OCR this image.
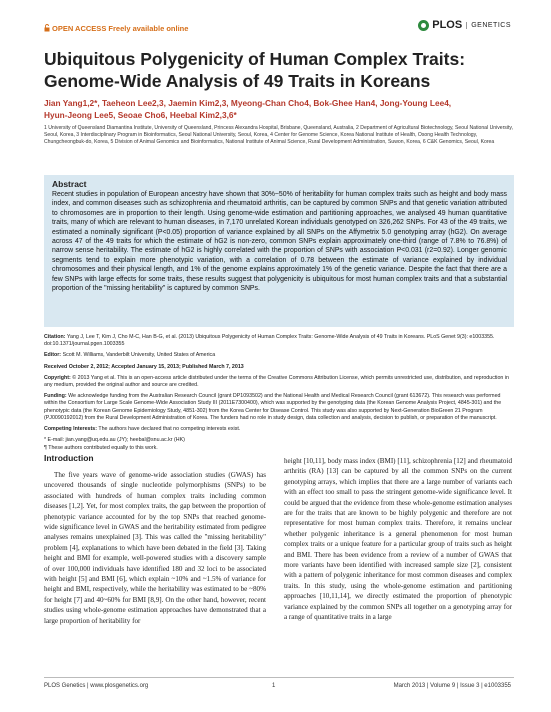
OPEN ACCESS Freely available online	PLOS	GENETICS
Ubiquitous Polygenicity of Human Complex Traits:
Genome-Wide Analysis of 49 Traits in Koreans
Jian Yang1,2*, Taeheon Lee2,3, Jaemin Kim2,3, Myeong-Chan Cho4, Bok-Ghee Han4, Jong-Young Lee4,
Hyun-Jeong Lee5, Seoae Cho6, Heebal Kim2,3,6*
1 University of Queensland Diamantina Institute, University of Queensland, Princess Alexandra Hospital, Brisbane, Queensland, Australia, 2 Department of Agricultural Biotechnology, Seoul National University, Seoul, Korea, 3 Interdisciplinary Program in Bioinformatics, Seoul National University, Seoul, Korea, 4 Center for Genome Science, Korea National Institute of Health, Osong Health Technology, Chungcheongbuk-do, Korea, 5 Division of Animal Genomics and Bioinformatics, National Institute of Animal Science, Rural Development Administration, Suwon, Korea, 6 C&K Genomics, Seoul, Korea
Abstract

Recent studies in population of European ancestry have shown that 30%~50% of heritability for human complex traits such as height and body mass index, and common diseases such as schizophrenia and rheumatoid arthritis, can be captured by common SNPs and that genetic variation attributed to chromosomes are in proportion to their length. Using genome-wide estimation and partitioning approaches, we analysed 49 human quantitative traits, many of which are relevant to human diseases, in 7,170 unrelated Korean individuals genotyped on 326,262 SNPs. For 43 of the 49 traits, we estimated a nominally significant (P<0.05) proportion of variance explained by all SNPs on the Affymetrix 5.0 genotyping array (hG2). On average across 47 of the 49 traits for which the estimate of hG2 is non-zero, common SNPs explain approximately one-third (range of 7.8% to 76.8%) of narrow sense heritability. The estimate of hG2 is highly correlated with the proportion of SNPs with association P<0.031 (r2=0.92). Longer genomic segments tend to explain more phenotypic variation, with a correlation of 0.78 between the estimate of variance explained by individual chromosomes and their physical length, and 1% of the genome explains approximately 1% of the genetic variance. Despite the fact that there are a few SNPs with large effects for some traits, these results suggest that polygenicity is ubiquitous for most human complex traits and that a substantial proportion of the "missing heritability" is captured by common SNPs.

Citation: Yang J, Lee T, Kim J, Cho M-C, Han B-G, et al. (2013) Ubiquitous Polygenicity of Human Complex Traits: Genome-Wide Analysis of 49 Traits in Koreans. PLoS Genet 9(3): e1003355. doi:10.1371/journal.pgen.1003355

Editor: Scott M. Williams, Vanderbilt University, United States of America

Received October 2, 2012; Accepted January 15, 2013; Published March 7, 2013

Copyright: © 2013 Yang et al. This is an open-access article distributed under the terms of the Creative Commons Attribution License, which permits unrestricted use, distribution, and reproduction in any medium, provided the original author and source are credited.

Funding: We acknowledge funding from the Australian Research Council (grant DP1093502) and the National Health and Medical Research Council (grant 613672). This research was performed within the Consortium for Large Scale Genome-Wide Association Study III (2011E7300400), which was supported by the genotyping data (the Korean Genome Analysis Project, 4845-301) and the phenotypic data (the Korean Genome Epidemiology Study, 4851-302) from the Korea Center for Disease Control. This study was also supported by Next-Generation BioGreen 21 Program (PJ0090192012) from the Rural Development Administration of Korea. The funders had no role in study design, data collection and analysis, decision to publish, or preparation of the manuscript.

Competing Interests: The authors have declared that no competing interests exist.

* E-mail: jian.yang@uq.edu.au (JY); heebal@snu.ac.kr (HK)

¶ These authors contributed equally to this work.

Introduction

The five years wave of genome-wide association studies (GWAS) has uncovered thousands of single nucleotide polymorphisms (SNPs) to be associated with hundreds of human complex traits including common diseases [1,2]. Yet, for most complex traits, the gap between the proportion of phenotypic variance accounted for by the top SNPs that reached genome-wide significance level in GWAS and the heritability estimated from pedigree analyses remains unexplained [3]. This was called the "missing heritability" problem [4], explanations to which have been debated in the field [3]. Taking height and BMI for example, well-powered studies with a discovery sample of over 100,000 individuals have identified 180 and 32 loci to be associated with height [5] and BMI [6], which explain ~10% and ~1.5% of variance for height and BMI, respectively, while the heritability was estimated to be ~80% for height [7] and 40~60% for BMI [8,9]. On the other hand, however, recent studies using whole-genome estimation approaches have demonstrated that a large proportion of heritability for

height [10,11], body mass index (BMI) [11], schizophrenia [12] and rheumatoid arthritis (RA) [13] can be captured by all the common SNPs on the current genotyping arrays, which implies that there are a large number of variants each with an effect too small to pass the stringent genome-wide significance level. It could be argued that the evidence from these whole-genome estimation analyses are for the traits that are known to be highly polygenic and therefore are not representative for most human complex traits. Therefore, it remains unclear whether polygenic inheritance is a general phenomenon for most human complex traits or a unique feature for a particular group of traits such as height and BMI. There has been evidence from a review of a number of GWAS that more variants have been identified with increased sample size [2], consistent with a pattern of polygenic inheritance for most common diseases and complex traits. In this study, using the whole-genome estimation and partitioning approaches [10,11,14], we directly estimated the proportion of phenotypic variance explained by the common SNPs all together on a genotyping array for a range of quantitative traits in a large

PLOS Genetics | www.plosgenetics.org	1	March 2013 | Volume 9 | Issue 3 | e1003355
